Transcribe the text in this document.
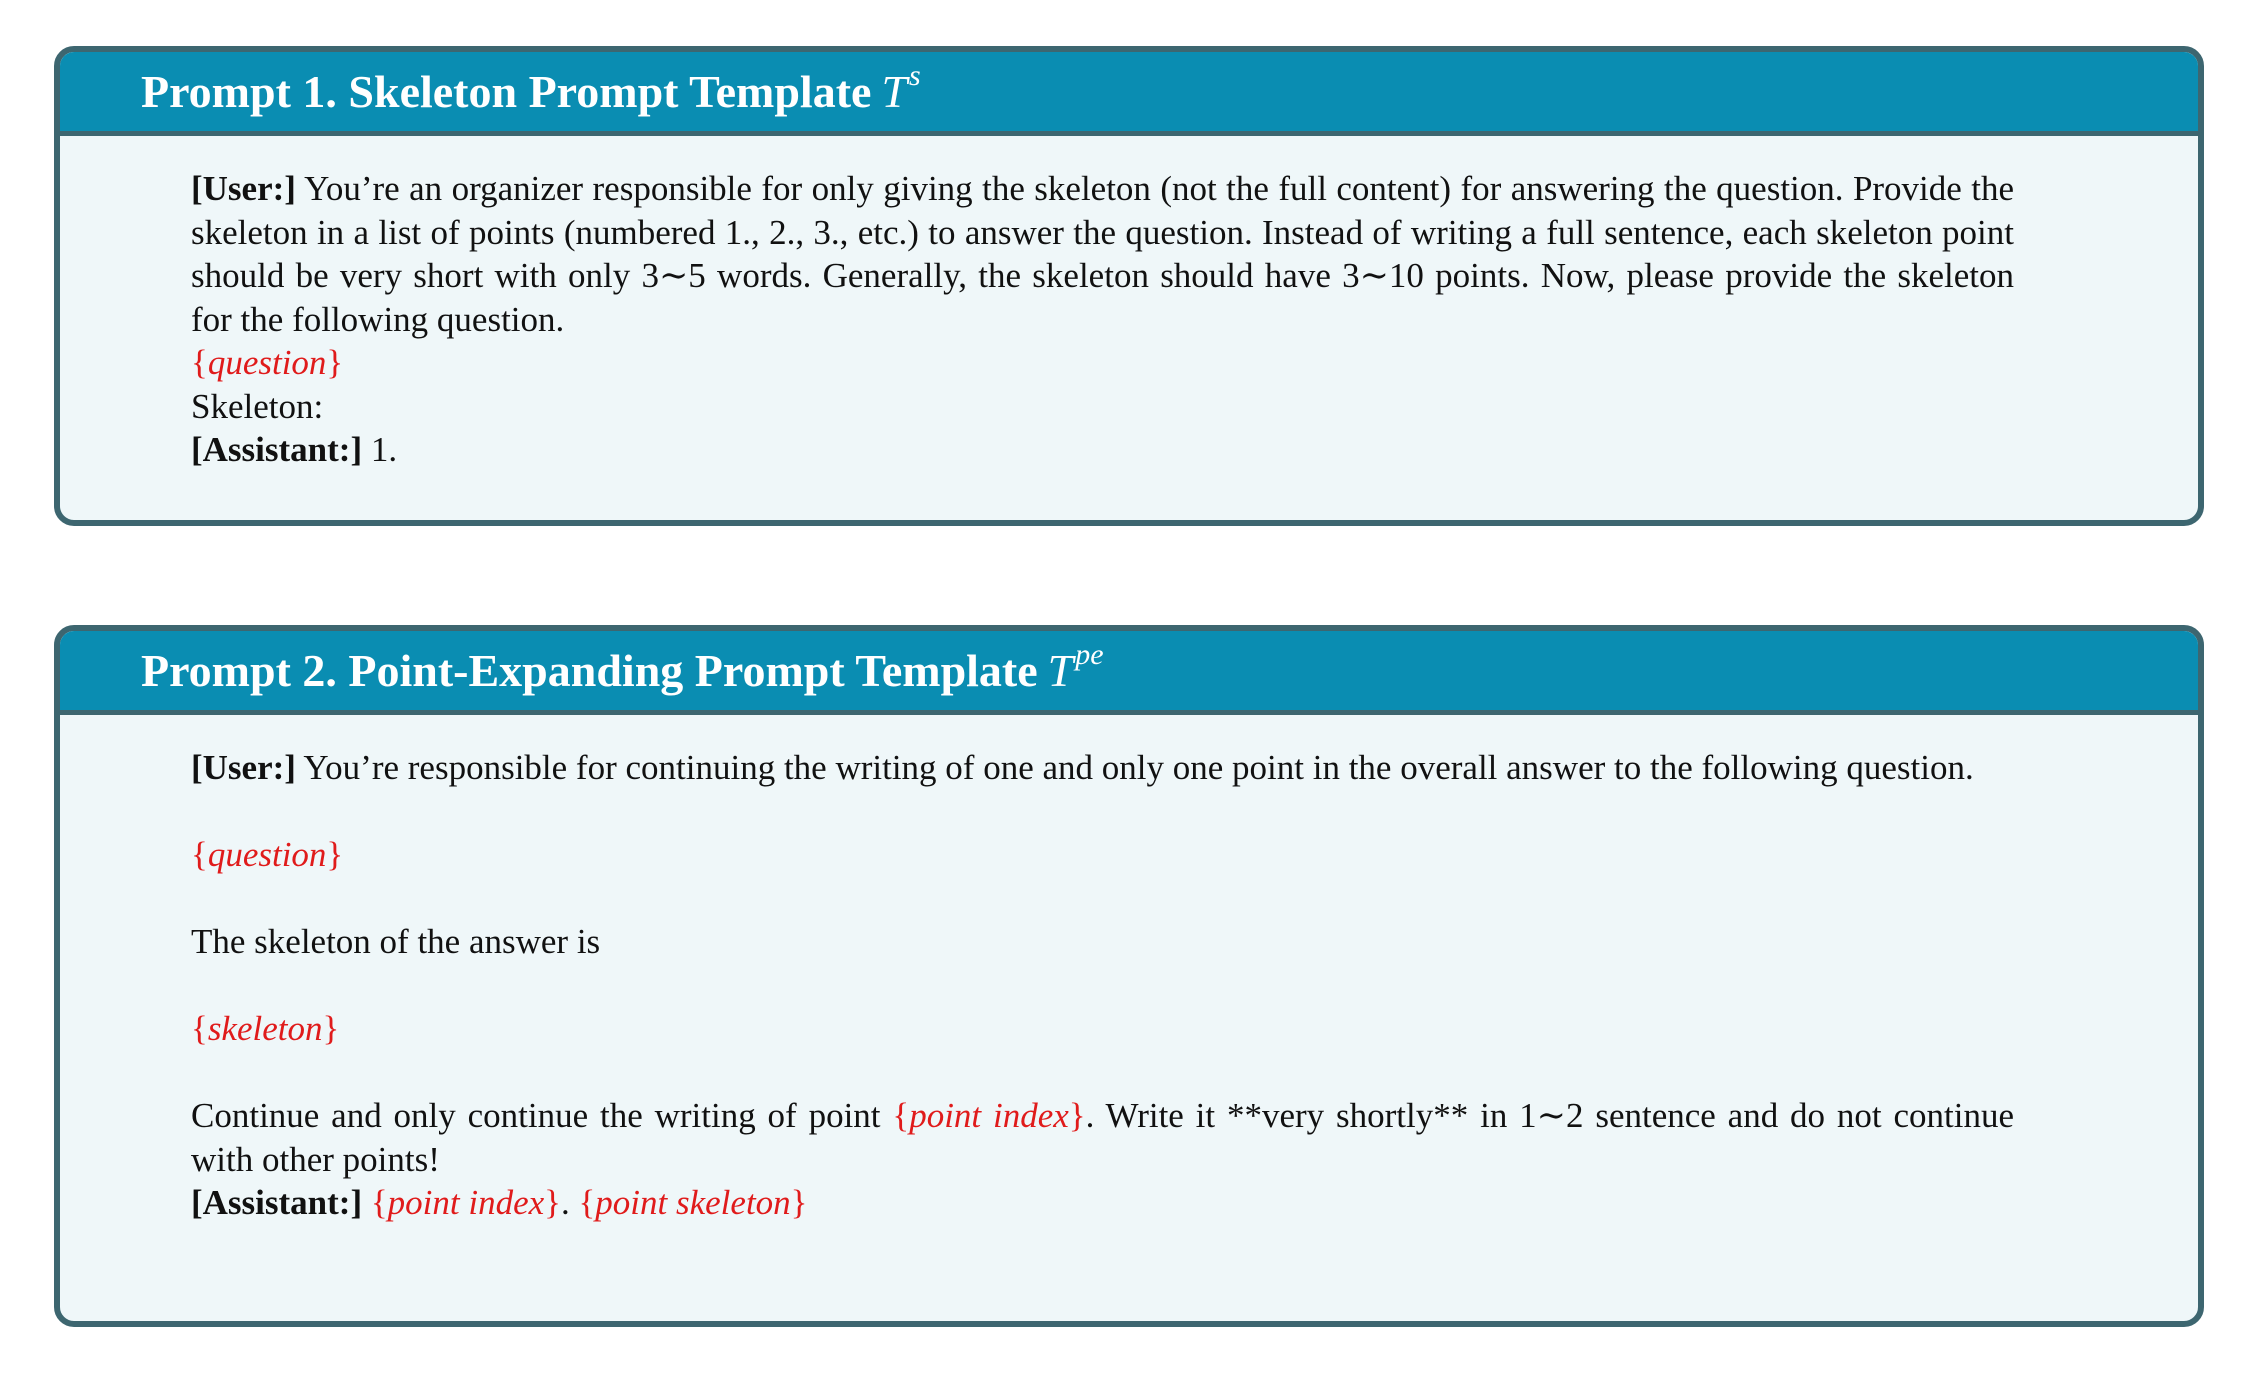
Prompt 1. Skeleton Prompt Template $T^s$

[User:] You’re an organizer responsible for only giving the skeleton (not the full content) for answering the question. Provide the skeleton in a list of points (numbered 1., 2., 3., etc.) to answer the question. Instead of writing a full sentence, each skeleton point should be very short with only 3∼5 words. Generally, the skeleton should have 3∼10 points. Now, please provide the skeleton for the following question.

{question}

Skeleton:

[Assistant:] 1.

Prompt 2. Point-Expanding Prompt Template $T^{pe}$

[User:] You’re responsible for continuing the writing of one and only one point in the overall answer to the following question.

{question}

The skeleton of the answer is

{skeleton}

Continue and only continue the writing of point {point index}. Write it **very shortly** in 1∼2 sentence and do not continue with other points!

[Assistant:] {point index}. {point skeleton}
